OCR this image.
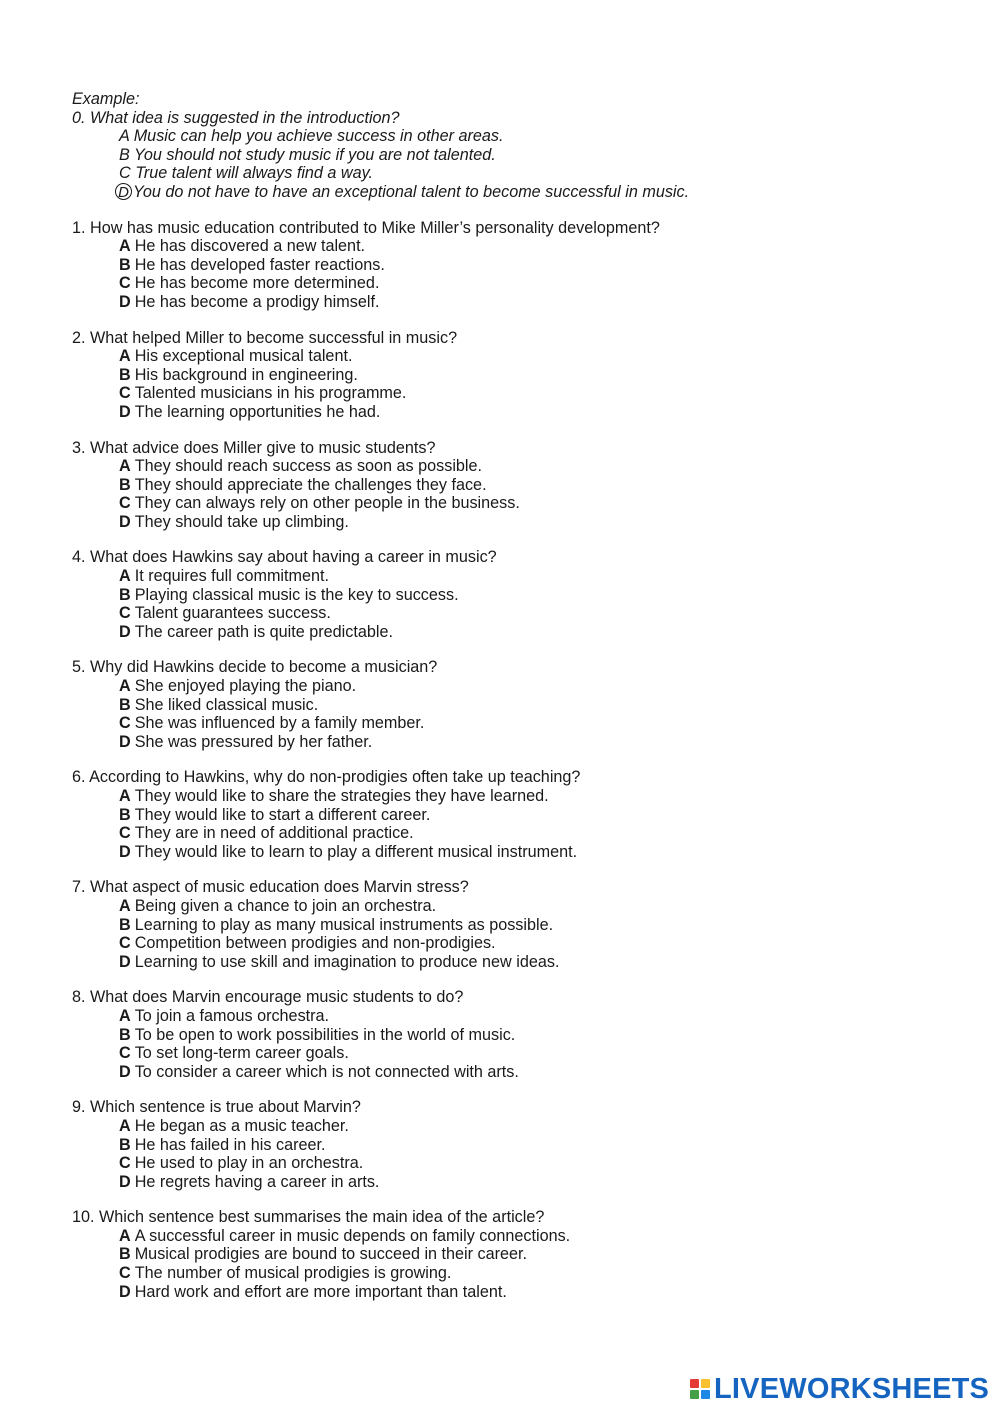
Example:
0. What idea is suggested in the introduction?
A Music can help you achieve success in other areas.
B You should not study music if you are not talented.
C True talent will always find a way.
D You do not have to have an exceptional talent to become successful in music.
1. How has music education contributed to Mike Miller’s personality development?
A He has discovered a new talent.
B He has developed faster reactions.
C He has become more determined.
D He has become a prodigy himself.
2. What helped Miller to become successful in music?
A His exceptional musical talent.
B His background in engineering.
C Talented musicians in his programme.
D The learning opportunities he had.
3. What advice does Miller give to music students?
A They should reach success as soon as possible.
B They should appreciate the challenges they face.
C They can always rely on other people in the business.
D They should take up climbing.
4. What does Hawkins say about having a career in music?
A It requires full commitment.
B Playing classical music is the key to success.
C Talent guarantees success.
D The career path is quite predictable.
5. Why did Hawkins decide to become a musician?
A She enjoyed playing the piano.
B She liked classical music.
C She was influenced by a family member.
D She was pressured by her father.
6. According to Hawkins, why do non-prodigies often take up teaching?
A They would like to share the strategies they have learned.
B They would like to start a different career.
C They are in need of additional practice.
D They would like to learn to play a different musical instrument.
7. What aspect of music education does Marvin stress?
A Being given a chance to join an orchestra.
B Learning to play as many musical instruments as possible.
C Competition between prodigies and non-prodigies.
D Learning to use skill and imagination to produce new ideas.
8. What does Marvin encourage music students to do?
A To join a famous orchestra.
B To be open to work possibilities in the world of music.
C To set long-term career goals.
D To consider a career which is not connected with arts.
9. Which sentence is true about Marvin?
A He began as a music teacher.
B He has failed in his career.
C He used to play in an orchestra.
D He regrets having a career in arts.
10. Which sentence best summarises the main idea of the article?
A A successful career in music depends on family connections.
B Musical prodigies are bound to succeed in their career.
C The number of musical prodigies is growing.
D Hard work and effort are more important than talent.
LIVEWORKSHEETS
